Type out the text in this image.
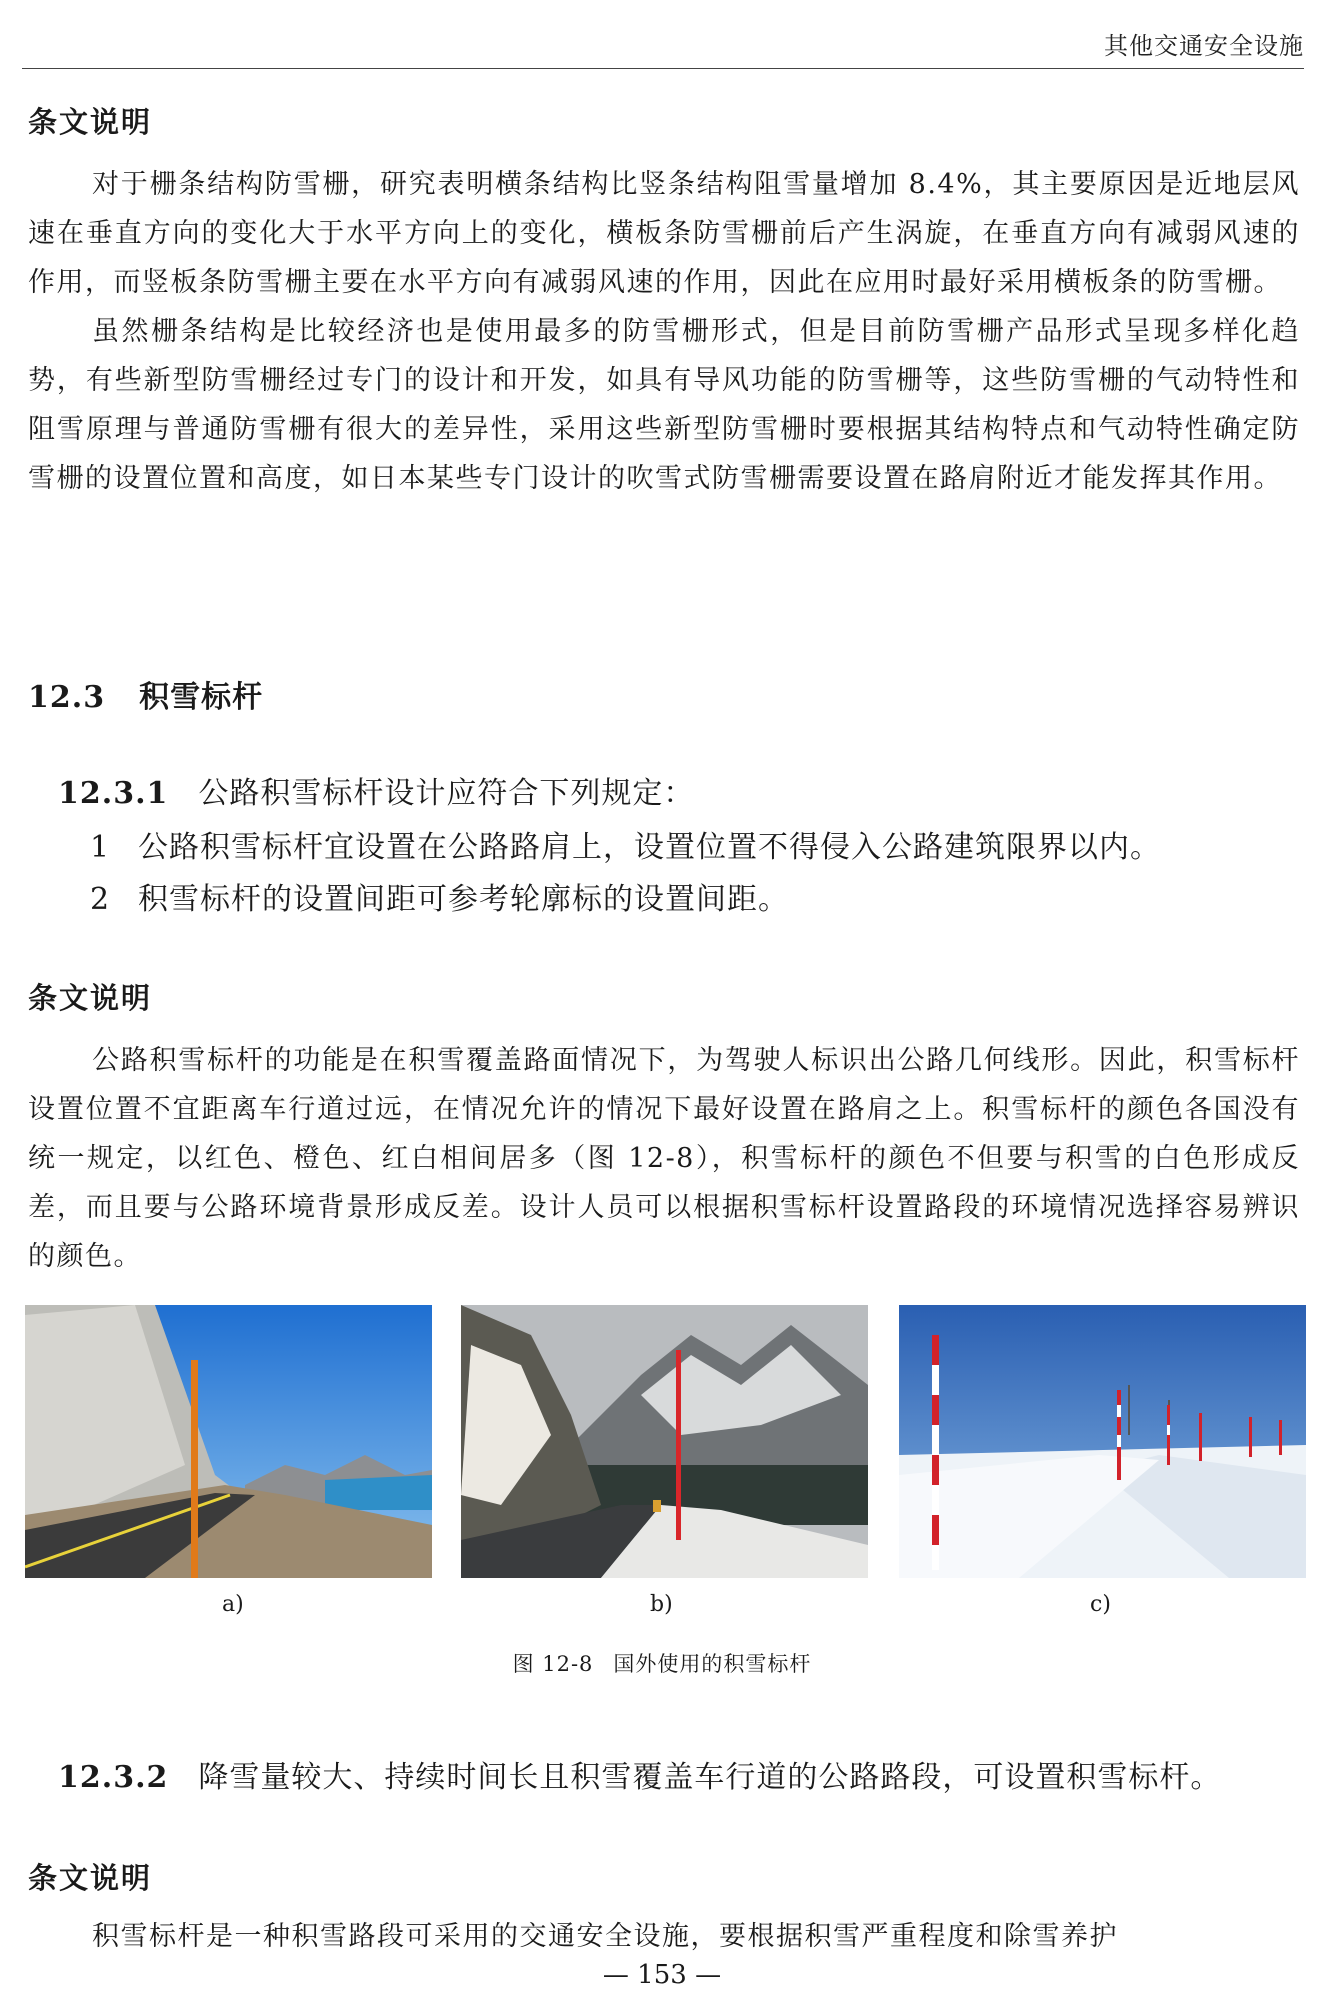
其他交通安全设施
条文说明

对于栅条结构防雪栅，研究表明横条结构比竖条结构阻雪量增加 8.4%，其主要原因是近地层风速在垂直方向的变化大于水平方向上的变化，横板条防雪栅前后产生涡旋，在垂直方向有减弱风速的作用，而竖板条防雪栅主要在水平方向有减弱风速的作用，因此在应用时最好采用横板条的防雪栅。

虽然栅条结构是比较经济也是使用最多的防雪栅形式，但是目前防雪栅产品形式呈现多样化趋势，有些新型防雪栅经过专门的设计和开发，如具有导风功能的防雪栅等，这些防雪栅的气动特性和阻雪原理与普通防雪栅有很大的差异性，采用这些新型防雪栅时要根据其结构特点和气动特性确定防雪栅的设置位置和高度，如日本某些专门设计的吹雪式防雪栅需要设置在路肩附近才能发挥其作用。

12.3 积雪标杆
12.3.1 公路积雪标杆设计应符合下列规定：
1 公路积雪标杆宜设置在公路路肩上，设置位置不得侵入公路建筑限界以内。
2 积雪标杆的设置间距可参考轮廓标的设置间距。
条文说明

公路积雪标杆的功能是在积雪覆盖路面情况下，为驾驶人标识出公路几何线形。因此，积雪标杆设置位置不宜距离车行道过远，在情况允许的情况下最好设置在路肩之上。积雪标杆的颜色各国没有统一规定，以红色、橙色、红白相间居多（图 12-8），积雪标杆的颜色不但要与积雪的白色形成反差，而且要与公路环境背景形成反差。设计人员可以根据积雪标杆设置路段的环境情况选择容易辨识的颜色。

a)	b)	c)
图 12-8 国外使用的积雪标杆
12.3.2 降雪量较大、持续时间长且积雪覆盖车行道的公路路段，可设置积雪标杆。
条文说明

积雪标杆是一种积雪路段可采用的交通安全设施，要根据积雪严重程度和除雪养护

— 153 —
